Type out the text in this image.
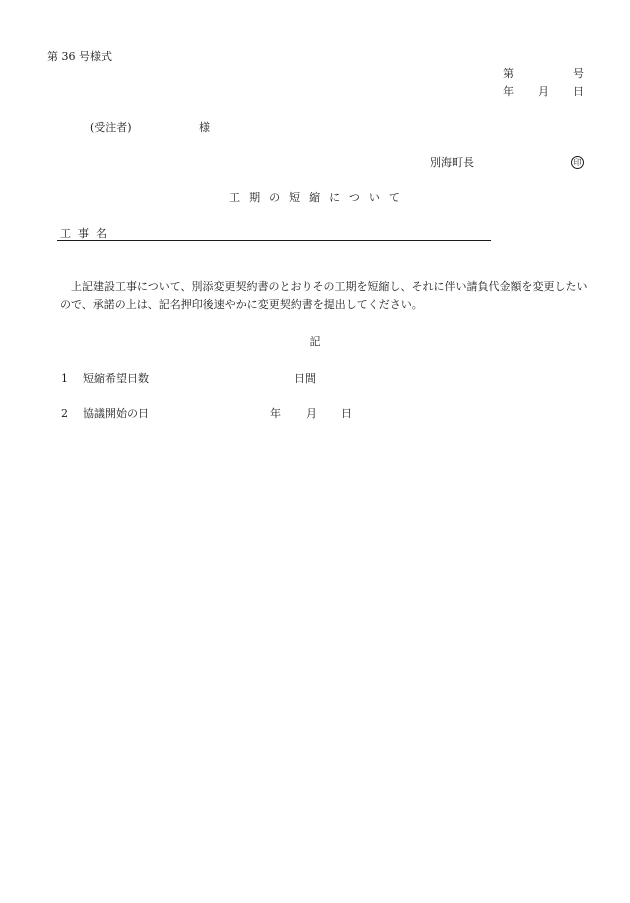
第 36 号様式
第	号
年 月 日
(受注者)	様
別海町長	印
工期の短縮について
工事名
上記建設工事について、別添変更契約書のとおりその工期を短縮し、それに伴い請負代金額を変更したいので、承諾の上は、記名押印後速やかに変更契約書を提出してください。
記
1 短縮希望日数	日間
2 協議開始の日	年 月 日
